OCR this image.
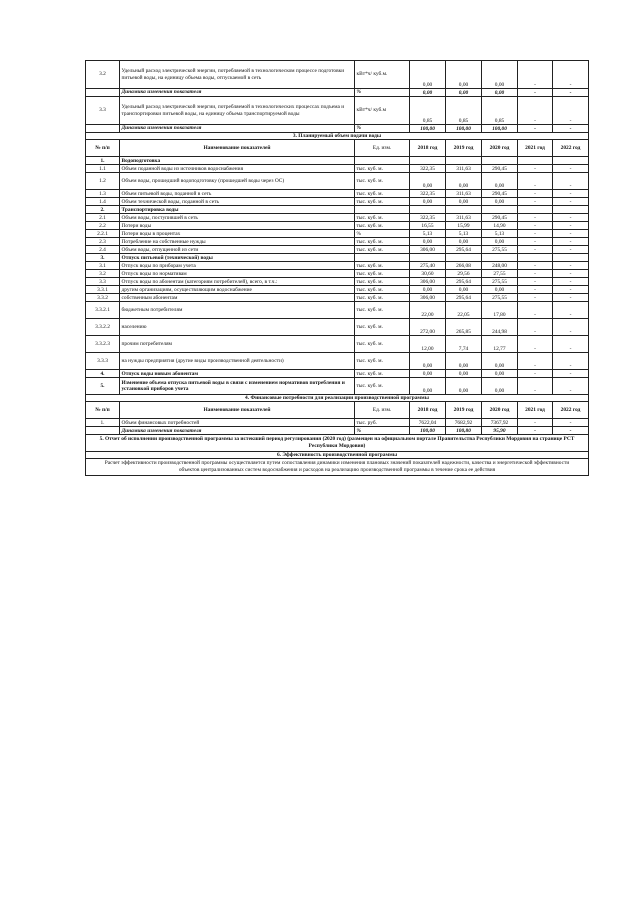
3.2	Удельный расход электрической энергии, потребляемой в технологическом процессе подготовки питьевой воды, на единицу объема воды, отпускаемой в сеть	кВт*ч/ куб.м.	0,00	0,00	0,00	-	-
	Динамика изменения показателя	%	0,00	0,00	0,00	-	-
3.3	Удельный расход электрической энергии, потребляемой в технологических процессах подъема и транспортировки питьевой воды, на единицу объема транспортируемой воды	кВт*ч/ куб.м	0,85	0,85	0,85	-	-
	Динамика изменения показателя	%	100,00	100,00	100,00	-	-
3. Планируемый объем подачи воды							
№ п/п	Наименование показателей	Ед. изм.	2018 год	2019 год	2020 год	2021 год	2022 год
1.	Водоподготовка						
1.1	Объем поданной воды из источников водоснабжения	тыс. куб. м.	322,35	311,63	290,45	-	-
1.2	Объем воды, прошедший водоподготовку (прошедшей воды через ОС)	тыс. куб. м.	0,00	0,00	0,00	-	-
1.3	Объем питьевой воды, поданной в сеть	тыс. куб. м.	322,35	311,63	290,45	-	-
1.4	Объем технической воды, поданной в сеть	тыс. куб. м.	0,00	0,00	0,00	-	-
2.	Транспортировка воды						
2.1	Объем воды, поступившей в сеть	тыс. куб. м.	322,35	311,63	290,45	-	-
2.2	Потери воды	тыс. куб. м.	16,55	15,99	14,90	-	-
2.2.1	Потери воды в процентах	%	5,13	5,13	5,13	-	-
2.3	Потребление на собственные нужды	тыс. куб. м.	0,00	0,00	0,00	-	-
2.4	Объем воды, отпущенной из сети	тыс. куб. м.	306,00	295,64	275,55	-	-
3.	Отпуск питьевой (технической) воды						
3.1	Отпуск воды по приборам учета	тыс. куб. м.	275,40	266,08	248,00	-	-
3.2	Отпуск воды по нормативам	тыс. куб. м.	30,60	29,56	27,55	-	-
3.3	Отпуск воды по абонентам (категориям потребителей), всего, в т.ч.:	тыс. куб. м.	306,00	295,64	275,55	-	-
3.3.1	другим организациям, осуществляющим водоснабжение	тыс. куб. м.	0,00	0,00	0,00	-	-
3.3.2	собственным абонентам	тыс. куб. м.	306,00	295,64	275,55	-	-
3.3.2.1	бюджетным потребителям	тыс. куб. м.	22,00	22,05	17,80	-	-
3.3.2.2	населению	тыс. куб. м.	272,00	265,85	244,98	-	-
3.3.2.3	прочим потребителям	тыс. куб. м.	12,00	7,74	12,77	-	-
3.3.3	на нужды предприятия (другие виды производственной деятельности)	тыс. куб. м.	0,00	0,00	0,00	-	-
4.	Отпуск воды новым абонентам	тыс. куб. м.	0,00	0,00	0,00	-	-
5.	Изменение объема отпуска питьевой воды в связи с изменением нормативов потребления и установкой приборов учета	тыс. куб. м.	0,00	0,00	0,00	-	-
4. Финансовые потребности для реализации производственной программы							
№ п/п	Наименование показателей	Ед. изм.	2018 год	2019 год	2020 год	2021 год	2022 год
1.	Объем финансовых потребностей	тыс. руб.	7622,04	7682,92	7367,92	-	-
	Динамика изменения показателя	%	100,00	100,80	95,90	-	-
5. Отчет об исполнении производственной программы за истекший период регулирования (2020 год) (размещен на официальном портале Правительства Республики Мордовия на странице РСТ Республики Мордовия)							
6. Эффективность производственной программы							
Расчет эффективности производственной программы осуществляется путем сопоставления динамики изменения плановых значений показателей надежности, качества и энергетической эффективности объектов централизованных систем водоснабжения и расходов на реализацию производственной программы в течение срока ее действия							
